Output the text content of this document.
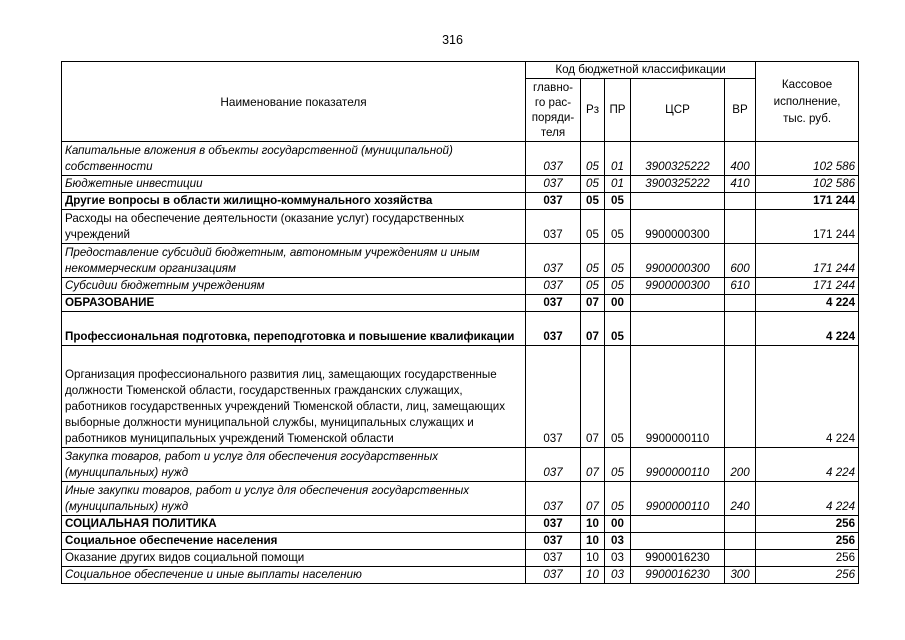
316
Наименование показателя	Код бюджетной классификации					Кассовое исполнение, тыс. руб.

	главно-го рас-поряди-теля	Рз	ПР	ЦСР	ВР	
Капитальные вложения в объекты государственной (муниципальной) собственности	037	05	01	3900325222	400	102 586
Бюджетные инвестиции	037	05	01	3900325222	410	102 586
Другие вопросы в области жилищно-коммунального хозяйства	037	05	05			171 244
Расходы на обеспечение деятельности (оказание услуг) государственных учреждений	037	05	05	9900000300		171 244
Предоставление субсидий бюджетным, автономным учреждениям и иным некоммерческим организациям	037	05	05	9900000300	600	171 244
Субсидии бюджетным учреждениям	037	05	05	9900000300	610	171 244
ОБРАЗОВАНИЕ	037	07	00			4 224
Профессиональная подготовка, переподготовка и повышение квалификации	037	07	05			4 224
Организация профессионального развития лиц, замещающих государственные должности Тюменской области, государственных гражданских служащих, работников государственных учреждений Тюменской области, лиц, замещающих выборные должности муниципальной службы, муниципальных служащих и работников муниципальных учреждений Тюменской области	037	07	05	9900000110		4 224
Закупка товаров, работ и услуг для обеспечения государственных (муниципальных) нужд	037	07	05	9900000110	200	4 224
Иные закупки товаров, работ и услуг для обеспечения государственных (муниципальных) нужд	037	07	05	9900000110	240	4 224
СОЦИАЛЬНАЯ ПОЛИТИКА	037	10	00			256
Социальное обеспечение населения	037	10	03			256
Оказание других видов социальной помощи	037	10	03	9900016230		256
Социальное обеспечение и иные выплаты населению	037	10	03	9900016230	300	256
